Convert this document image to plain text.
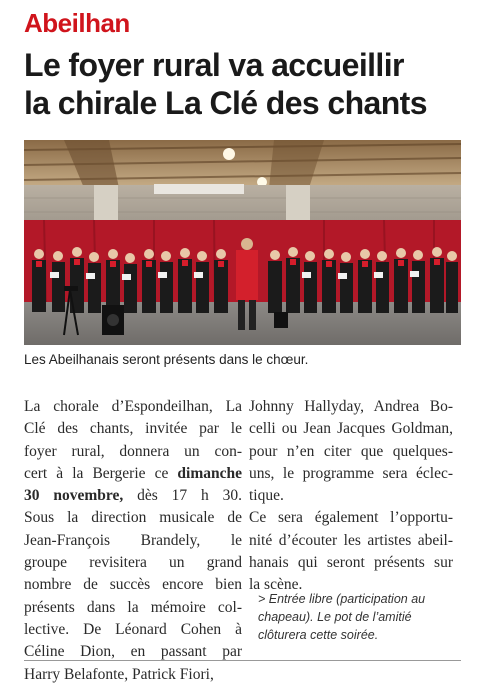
Abeilhan
Le foyer rural va accueillir
la chirale La Clé des chants
Les Abeilhanais seront présents dans le chœur.
La chorale d’Espondeilhan, La
Clé des chants, invitée par le
foyer rural, donnera un con-
cert à la Bergerie ce dimanche
30 novembre, dès 17 h 30.
Sous la direction musicale de
Jean-François Brandely, le
groupe revisitera un grand
nombre de succès encore bien
présents dans la mémoire col-
lective. De Léonard Cohen à
Céline Dion, en passant par
Harry Belafonte, Patrick Fiori,
Johnny Hallyday, Andrea Bo-
celli ou Jean Jacques Goldman,
pour n’en citer que quelques-
uns, le programme sera éclec-
tique.
Ce sera également l’opportu-
nité d’écouter les artistes abeil-
hanais qui seront présents sur
la scène.
> Entrée libre (participation au
chapeau). Le pot de l’amitié
clôturera cette soirée.
